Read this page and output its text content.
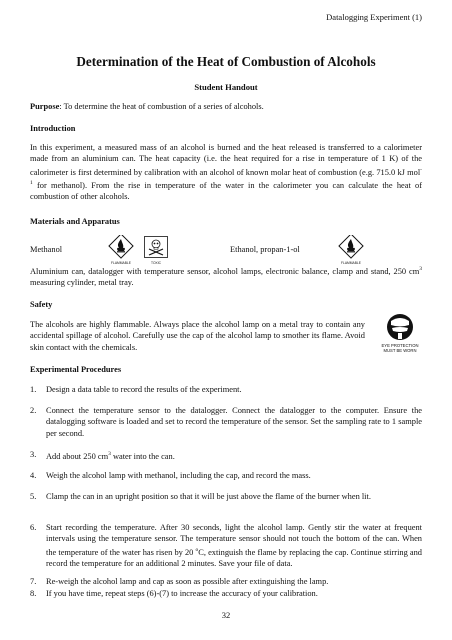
Datalogging Experiment (1)
Determination of the Heat of Combustion of Alcohols
Student Handout
Purpose: To determine the heat of combustion of a series of alcohols.
Introduction
In this experiment, a measured mass of an alcohol is burned and the heat released is transferred to a calorimeter made from an aluminium can. The heat capacity (i.e. the heat required for a rise in temperature of 1 K) of the calorimeter is first determined by calibration with an alcohol of known molar heat of combustion (e.g. 715.0 kJ mol$^{-1}$ for methanol). From the rise in temperature of the water in the calorimeter you can calculate the heat of combustion of other alcohols.
Materials and Apparatus
Methanol
FLAMMABLE	TOXIC
Ethanol, propan-1-ol
FLAMMABLE
Aluminium can, datalogger with temperature sensor, alcohol lamps, electronic balance, clamp and stand, 250 $cm^3$ measuring cylinder, metal tray.
Safety
The alcohols are highly flammable. Always place the alcohol lamp on a metal tray to contain any accidental spillage of alcohol. Carefully use the cap of the alcohol lamp to smother its flame. Avoid skin contact with the chemicals.	EYE PROTECTION
MUST BE WORN
Experimental Procedures
1. Design a data table to record the results of the experiment.
2. Connect the temperature sensor to the datalogger. Connect the datalogger to the computer. Ensure the datalogging software is loaded and set to record the temperature of the sensor. Set the sampling rate to 1 sample per second.
3. Add about 250 $cm^3$ water into the can.
4. Weigh the alcohol lamp with methanol, including the cap, and record the mass.
5. Clamp the can in an upright position so that it will be just above the flame of the burner when lit.
6. Start recording the temperature. After 30 seconds, light the alcohol lamp. Gently stir the water at frequent intervals using the temperature sensor. The temperature sensor should not touch the bottom of the can. When the temperature of the water has risen by 20 $^o$C, extinguish the flame by replacing the cap. Continue stirring and record the temperature for an additional 2 minutes. Save your file of data.
7. Re-weigh the alcohol lamp and cap as soon as possible after extinguishing the lamp.
8. If you have time, repeat steps (6)-(7) to increase the accuracy of your calibration.
32
